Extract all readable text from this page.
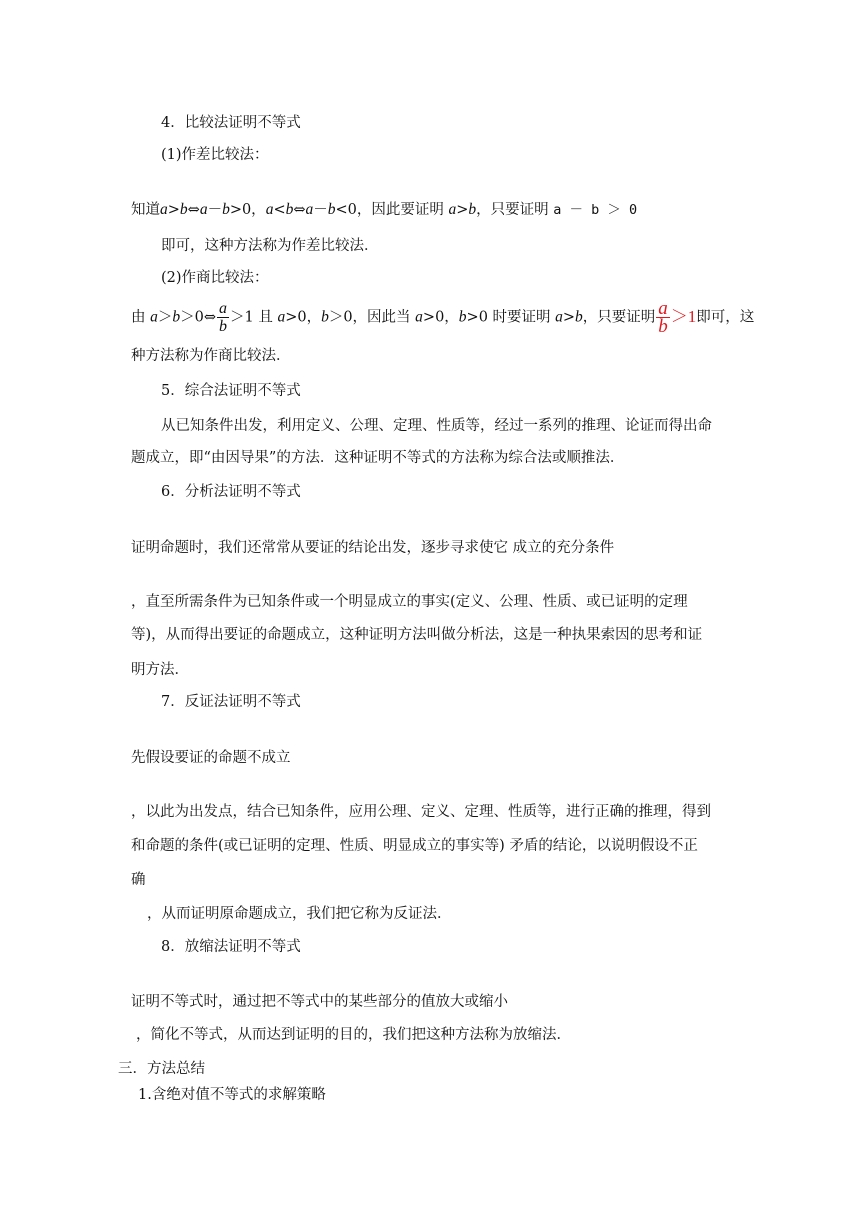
4．比较法证明不等式
(1)作差比较法：
知道a>b⇔a－b>0，a<b⇔a－b<0，因此要证明 a>b，只要证明 a － b ＞ 0
即可，这种方法称为作差比较法．
(2)作商比较法：
由 a＞b＞0⇔ $\frac{a}{b} >1$ 且 a>0，b＞0，因此当 a>0，b>0 时要证明 a>b，只要证明 $\frac{a}{b} >1$即可，这
种方法称为作商比较法．
5．综合法证明不等式
从已知条件出发，利用定义、公理、定理、性质等，经过一系列的推理、论证而得出命
题成立，即“由因导果”的方法．这种证明不等式的方法称为综合法或顺推法．
6．分析法证明不等式
证明命题时，我们还常常从要证的结论出发，逐步寻求使它 成立的充分条件
，直至所需条件为已知条件或一个明显成立的事实(定义、公理、性质、或已证明的定理
等)，从而得出要证的命题成立，这种证明方法叫做分析法，这是一种执果索因的思考和证
明方法．
7．反证法证明不等式
先假设要证的命题不成立
，以此为出发点，结合已知条件，应用公理、定义、定理、性质等，进行正确的推理，得到
和命题的条件(或已证明的定理、性质、明显成立的事实等) 矛盾的结论，以说明假设不正
确
，从而证明原命题成立，我们把它称为反证法．
8．放缩法证明不等式
证明不等式时，通过把不等式中的某些部分的值放大或缩小
，简化不等式，从而达到证明的目的，我们把这种方法称为放缩法．
三．方法总结
1.含绝对值不等式的求解策略
